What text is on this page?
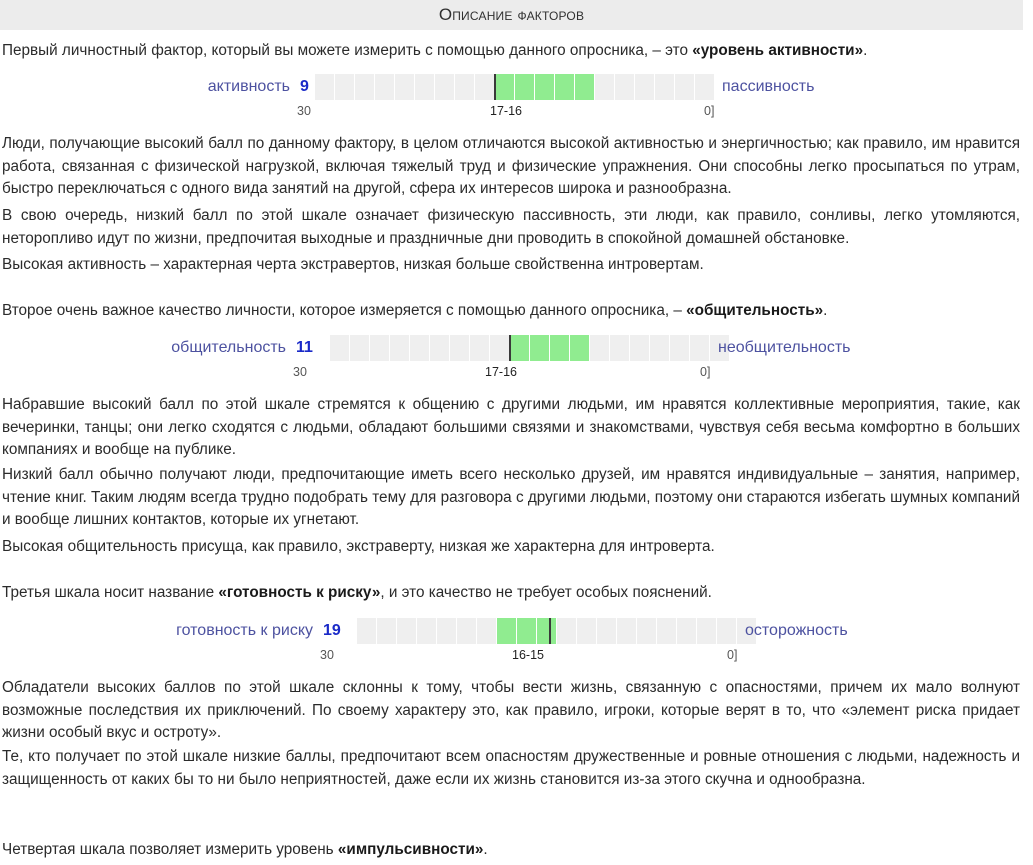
Описание факторов

Первый личностный фактор, который вы можете измерить с помощью данного опросника, – это «уровень активности».

активность 9	пассивность
30	17-16	0]

Люди, получающие высокий балл по данному фактору, в целом отличаются высокой активностью и энергичностью; как правило, им нравится работа, связанная с физической нагрузкой, включая тяжелый труд и физические упражнения. Они способны легко просыпаться по утрам, быстро переключаться с одного вида занятий на другой, сфера их интересов широка и разнообразна.

В свою очередь, низкий балл по этой шкале означает физическую пассивность, эти люди, как правило, сонливы, легко утомляются, неторопливо идут по жизни, предпочитая выходные и праздничные дни проводить в спокойной домашней обстановке.

Высокая активность – характерная черта экстравертов, низкая больше свойственна интровертам.

Второе очень важное качество личности, которое измеряется с помощью данного опросника, – «общительность».

общительность 11	необщительность
30	17-16	0]

Набравшие высокий балл по этой шкале стремятся к общению с другими людьми, им нравятся коллективные мероприятия, такие, как вечеринки, танцы; они легко сходятся с людьми, обладают большими связями и знакомствами, чувствуя себя весьма комфортно в больших компаниях и вообще на публике.

Низкий балл обычно получают люди, предпочитающие иметь всего несколько друзей, им нравятся индивидуальные – занятия, например, чтение книг. Таким людям всегда трудно подобрать тему для разговора с другими людьми, поэтому они стараются избегать шумных компаний и вообще лишних контактов, которые их угнетают.

Высокая общительность присуща, как правило, экстраверту, низкая же характерна для интроверта.

Третья шкала носит название «готовность к риску», и это качество не требует особых пояснений.

готовность к риску 19	осторожность
30	16-15	0]

Обладатели высоких баллов по этой шкале склонны к тому, чтобы вести жизнь, связанную с опасностями, причем их мало волнуют возможные последствия их приключений. По своему характеру это, как правило, игроки, которые верят в то, что «элемент риска придает жизни особый вкус и остроту».

Те, кто получает по этой шкале низкие баллы, предпочитают всем опасностям дружественные и ровные отношения с людьми, надежность и защищенность от каких бы то ни было неприятностей, даже если их жизнь становится из-за этого скучна и однообразна.

Четвертая шкала позволяет измерить уровень «импульсивности».
